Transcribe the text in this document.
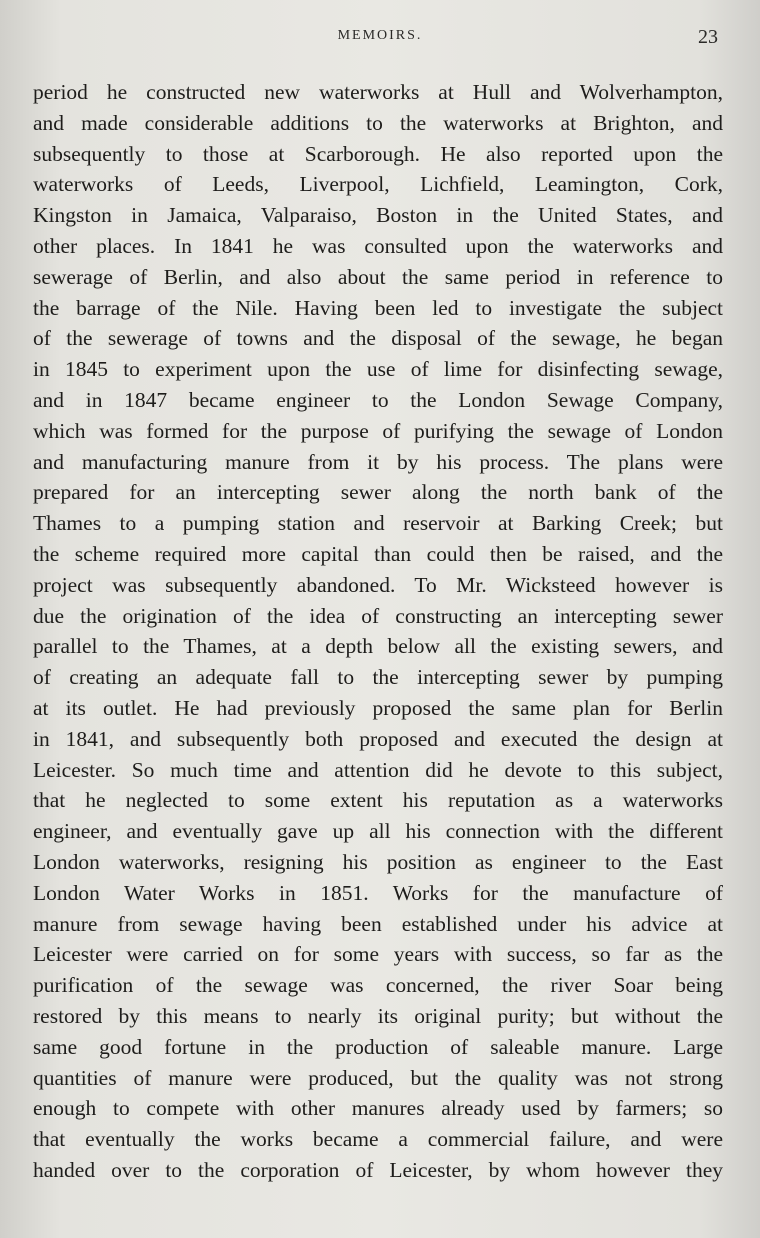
MEMOIRS.	23
period he constructed new waterworks at Hull and Wolverhampton,
and made considerable additions to the waterworks at Brighton, and
subsequently to those at Scarborough. He also reported upon the
waterworks of Leeds, Liverpool, Lichfield, Leamington, Cork,
Kingston in Jamaica, Valparaiso, Boston in the United States, and
other places. In 1841 he was consulted upon the waterworks and
sewerage of Berlin, and also about the same period in reference to
the barrage of the Nile. Having been led to investigate the subject
of the sewerage of towns and the disposal of the sewage, he began
in 1845 to experiment upon the use of lime for disinfecting sewage,
and in 1847 became engineer to the London Sewage Company,
which was formed for the purpose of purifying the sewage of London
and manufacturing manure from it by his process. The plans were
prepared for an intercepting sewer along the north bank of the
Thames to a pumping station and reservoir at Barking Creek; but
the scheme required more capital than could then be raised, and the
project was subsequently abandoned. To Mr. Wicksteed however is
due the origination of the idea of constructing an intercepting sewer
parallel to the Thames, at a depth below all the existing sewers, and
of creating an adequate fall to the intercepting sewer by pumping
at its outlet. He had previously proposed the same plan for Berlin
in 1841, and subsequently both proposed and executed the design at
Leicester. So much time and attention did he devote to this subject,
that he neglected to some extent his reputation as a waterworks
engineer, and eventually gave up all his connection with the different
London waterworks, resigning his position as engineer to the East
London Water Works in 1851. Works for the manufacture of
manure from sewage having been established under his advice at
Leicester were carried on for some years with success, so far as the
purification of the sewage was concerned, the river Soar being
restored by this means to nearly its original purity; but without the
same good fortune in the production of saleable manure. Large
quantities of manure were produced, but the quality was not strong
enough to compete with other manures already used by farmers; so
that eventually the works became a commercial failure, and were
handed over to the corporation of Leicester, by whom however they
